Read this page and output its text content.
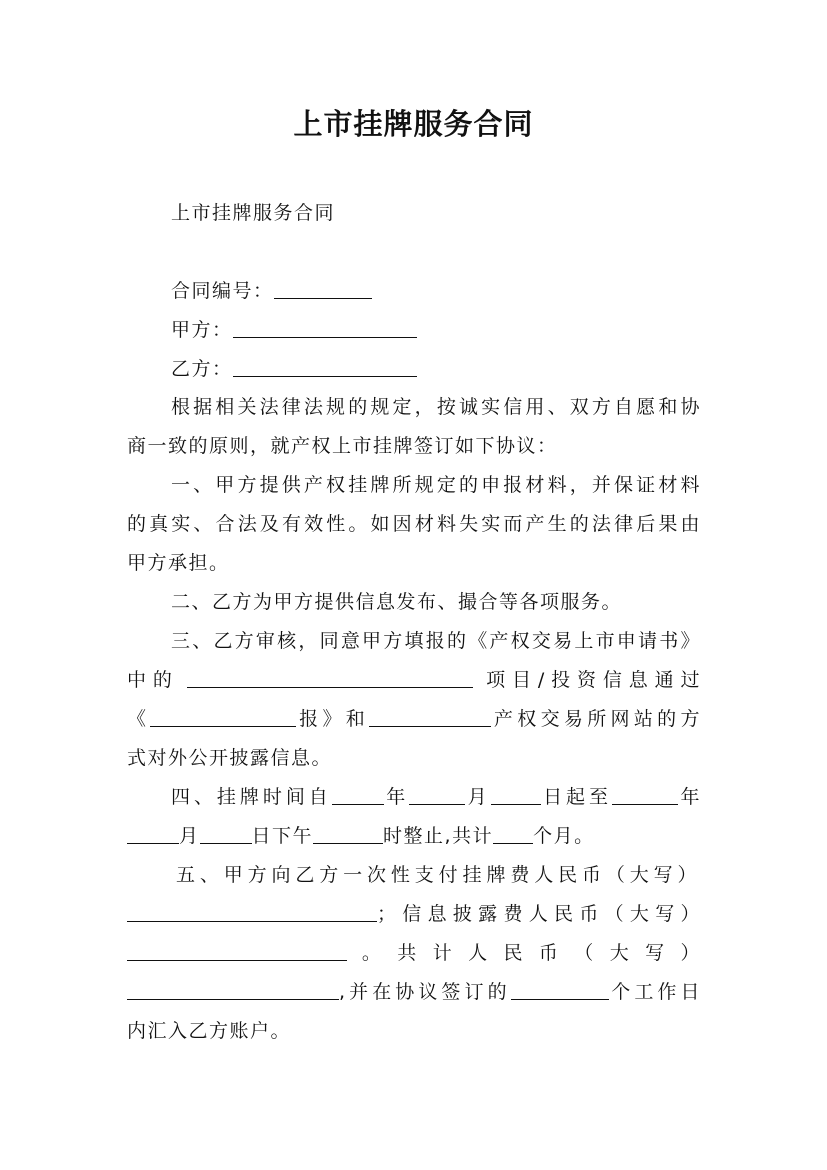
上市挂牌服务合同
上市挂牌服务合同
合同编号：
甲方：
乙方：
根据相关法律法规的规定，按诚实信用、双方自愿和协
商一致的原则，就产权上市挂牌签订如下协议：
一、甲方提供产权挂牌所规定的申报材料，并保证材料
的真实、合法及有效性。如因材料失实而产生的法律后果由
甲方承担。
二、乙方为甲方提供信息发布、撮合等各项服务。
三、乙方审核，同意甲方填报的《产权交易上市申请书》
中的	项目/投资信息通过
《	报》和	产权交易所网站的方
式对外公开披露信息。
四、挂牌时间自	年	月	日起至	年
月	日下午	时整止,共计 个月。
五、甲方向乙方一次性支付挂牌费人民币（大写）
；信息披露费人民币（大写）
。共计人民币（大写）
,并在协议签订的	个工作日
内汇入乙方账户。
